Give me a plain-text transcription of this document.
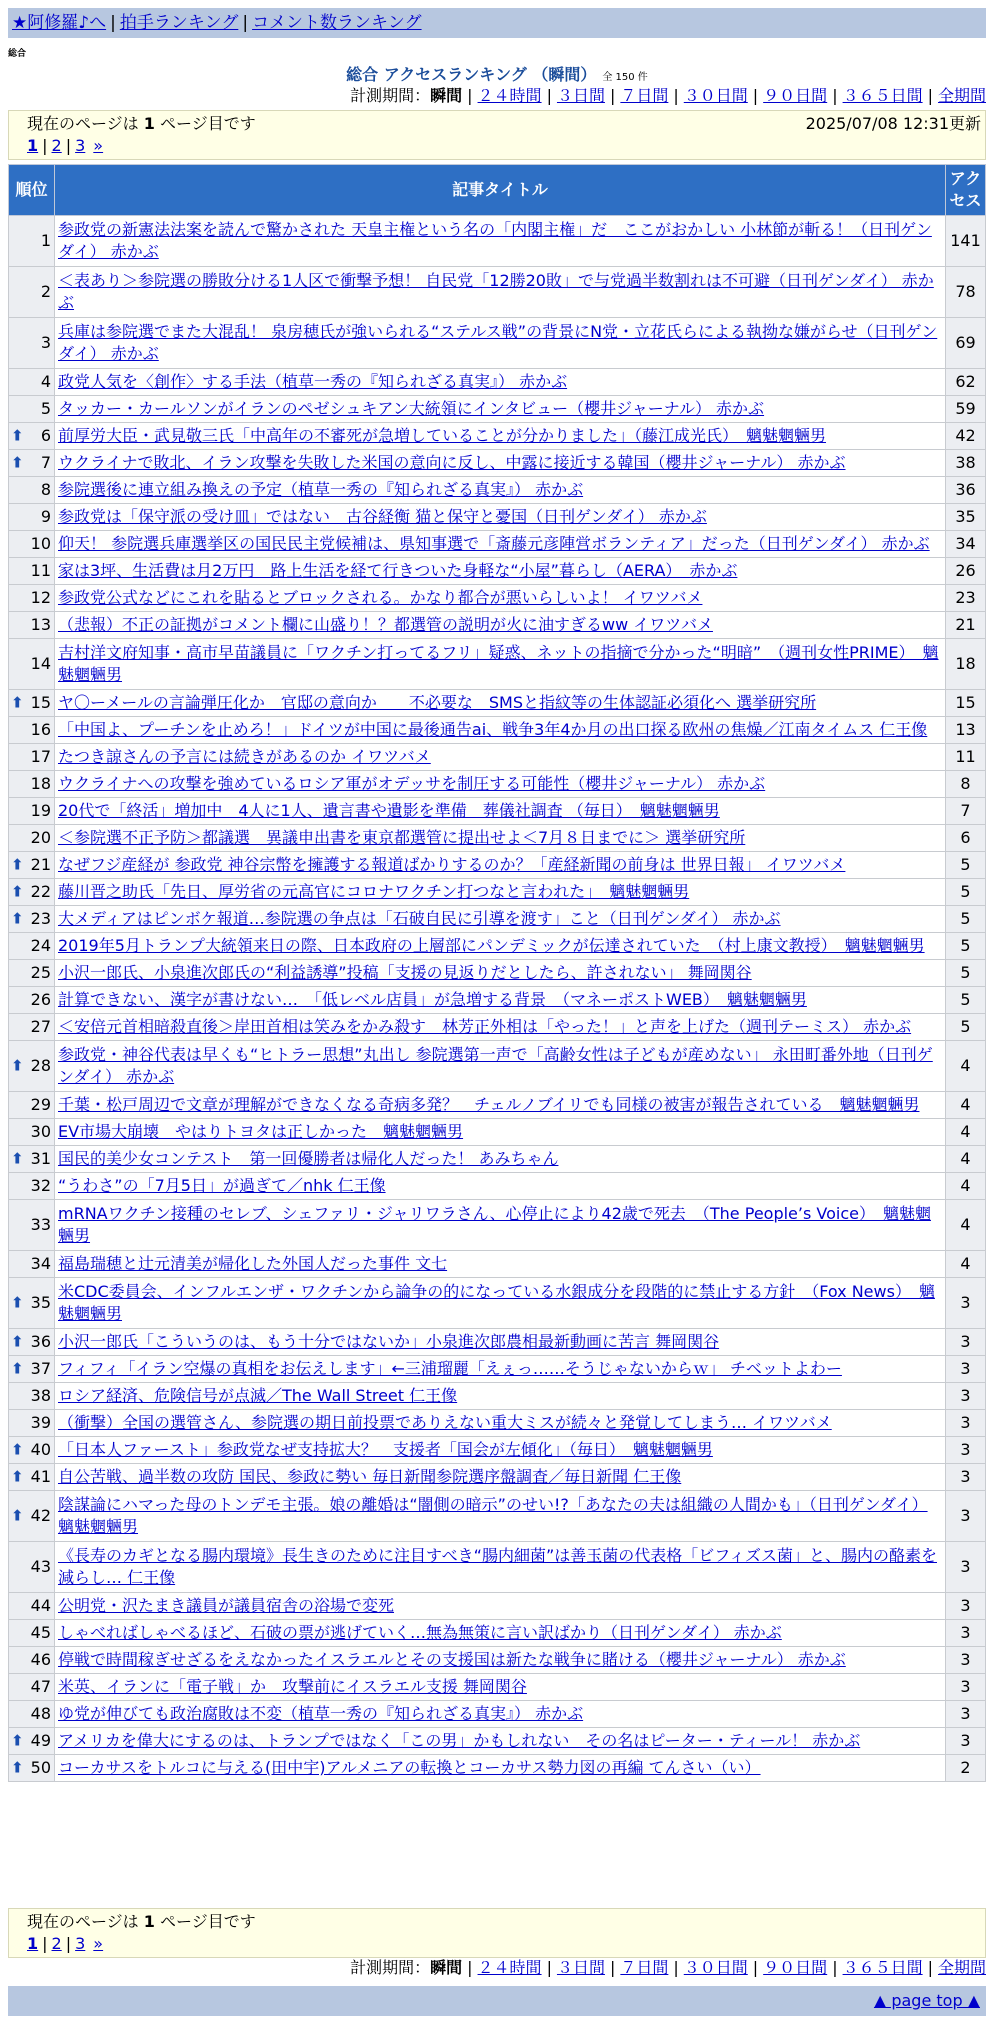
★阿修羅♪へ | 拍手ランキング | コメント数ランキング
総合
総合 アクセスランキング （瞬間） 全 150 件
計測期間：瞬間 | ２４時間 | ３日間 | ７日間 | ３０日間 | ９０日間 | ３６５日間 | 全期間
現在のページは 1 ページ目です	2025/07/08 12:31更新
1 | 2 | 3 »
順位	記事タイトル	アクセス
1	参政党の新憲法法案を読んで驚かされた 天皇主権という名の「内閣主権」だ　ここがおかしい 小林節が斬る！（日刊ゲンダイ） 赤かぶ	141
2	＜表あり＞参院選の勝敗分ける1人区で衝撃予想！ 自民党「12勝20敗」で与党過半数割れは不可避（日刊ゲンダイ） 赤かぶ	78
3	兵庫は参院選でまた大混乱！ 泉房穂氏が強いられる“ステルス戦”の背景にN党・立花氏らによる執拗な嫌がらせ（日刊ゲンダイ） 赤かぶ	69
4	政党人気を〈創作〉する手法（植草一秀の『知られざる真実』） 赤かぶ	62
5	タッカー・カールソンがイランのペゼシュキアン大統領にインタビュー（櫻井ジャーナル） 赤かぶ	59

⬆ 6	前厚労大臣・武見敬三氏「中高年の不審死が急増していることが分かりました」（藤江成光氏）　魑魅魍魎男	42

⬆ 7	ウクライナで敗北、イラン攻撃を失敗した米国の意向に反し、中露に接近する韓国（櫻井ジャーナル） 赤かぶ	38
8	参院選後に連立組み換えの予定（植草一秀の『知られざる真実』） 赤かぶ	36
9	参政党は「保守派の受け皿」ではない　古谷経衡 猫と保守と憂国（日刊ゲンダイ） 赤かぶ	35
10	仰天！ 参院選兵庫選挙区の国民民主党候補は、県知事選で「斎藤元彦陣営ボランティア」だった（日刊ゲンダイ） 赤かぶ	34
11	家は3坪、生活費は月2万円　路上生活を経て行きついた身軽な“小屋”暮らし（AERA）　赤かぶ	26
12	参政党公式などにこれを貼るとブロックされる。かなり都合が悪いらしいよ！ イワツバメ	23
13	（悲報）不正の証拠がコメント欄に山盛り！？都選管の説明が火に油すぎるww イワツバメ	21
14	吉村洋文府知事・高市早苗議員に「ワクチン打ってるフリ」疑惑、ネットの指摘で分かった“明暗”　（週刊女性PRIME）　魑魅魍魎男	18

⬆ 15	ヤ〇ーメールの言論弾圧化か　官邸の意向か　　不必要な　SMSと指紋等の生体認証必須化へ 選挙研究所	15
16	「中国よ、プーチンを止めろ！」ドイツが中国に最後通告ai、戦争3年4か月の出口探る欧州の焦燥／江南タイムス 仁王像	13
17	たつき諒さんの予言には続きがあるのか イワツバメ	11
18	ウクライナへの攻撃を強めているロシア軍がオデッサを制圧する可能性（櫻井ジャーナル） 赤かぶ	8
19	20代で「終活」増加中　4人に1人、遺言書や遺影を準備　葬儀社調査 （毎日）　魑魅魍魎男	7
20	＜参院選不正予防＞都議選　異議申出書を東京都選管に提出せよ＜7月８日までに＞ 選挙研究所	6

⬆ 21	なぜフジ産経が 参政党 神谷宗幣を擁護する報道ばかりするのか？「産経新聞の前身は 世界日報」 イワツバメ	5

⬆ 22	藤川晋之助氏「先日、厚労省の元高官にコロナワクチン打つなと言われた」　魑魅魍魎男	5

⬆ 23	大メディアはピンボケ報道…参院選の争点は「石破自民に引導を渡す」こと（日刊ゲンダイ） 赤かぶ	5
24	2019年5月トランプ大統領来日の際、日本政府の上層部にパンデミックが伝達されていた　（村上康文教授）　魑魅魍魎男	5
25	小沢一郎氏、小泉進次郎氏の“利益誘導”投稿「支援の見返りだとしたら、許されない」 舞岡関谷	5
26	計算できない、漢字が書けない…　「低レベル店員」が急増する背景　（マネーポストWEB）　魑魅魍魎男	5
27	＜安倍元首相暗殺直後＞岸田首相は笑みをかみ殺す　林芳正外相は「やった！」と声を上げた（週刊テーミス） 赤かぶ	5

⬆ 28	参政党・神谷代表は早くも“ヒトラー思想”丸出し 参院選第一声で「高齢女性は子どもが産めない」 永田町番外地（日刊ゲンダイ） 赤かぶ	4
29	千葉・松戸周辺で文章が理解ができなくなる奇病多発？　チェルノブイリでも同様の被害が報告されている　魑魅魍魎男	4
30	EV市場大崩壊　やはりトヨタは正しかった　魑魅魍魎男	4

⬆ 31	国民的美少女コンテスト　第一回優勝者は帰化人だった！ あみちゃん	4
32	“うわさ”の「7月5日」が過ぎて／nhk 仁王像	4
33	mRNAワクチン接種のセレブ、シェファリ・ジャリワラさん、心停止により42歳で死去　（The People’s Voice）　魑魅魍魎男	4
34	福島瑞穂と辻元清美が帰化した外国人だった事件 文七	4

⬆ 35	米CDC委員会、インフルエンザ・ワクチンから論争の的になっている水銀成分を段階的に禁止する方針　（Fox News）　魑魅魍魎男	3

⬆ 36	小沢一郎氏「こういうのは、もう十分ではないか」小泉進次郎農相最新動画に苦言 舞岡関谷	3

⬆ 37	フィフィ「イラン空爆の真相をお伝えします」←三浦瑠麗「えぇっ……そうじゃないからｗ」 チベットよわー	3
38	ロシア経済、危険信号が点滅／The Wall Street 仁王像	3
39	（衝撃）全国の選管さん、参院選の期日前投票でありえない重大ミスが続々と発覚してしまう… イワツバメ	3

⬆ 40	「日本人ファースト」参政党なぜ支持拡大？　支援者「国会が左傾化」（毎日）　魑魅魍魎男	3

⬆ 41	自公苦戦、過半数の攻防 国民、参政に勢い 毎日新聞参院選序盤調査／毎日新聞 仁王像	3

⬆ 42	陰謀論にハマった母のトンデモ主張。娘の離婚は“闇側の暗示”のせい!?「あなたの夫は組織の人間かも」（日刊ゲンダイ）魑魅魍魎男	3
43	《長寿のカギとなる腸内環境》長生きのために注目すべき“腸内細菌”は善玉菌の代表格「ビフィズス菌」と、腸内の酪素を減らし… 仁王像	3
44	公明党・沢たまき議員が議員宿舎の浴場で変死	3
45	しゃべればしゃべるほど、石破の票が逃げていく…無為無策に言い訳ばかり（日刊ゲンダイ） 赤かぶ	3
46	停戦で時間稼ぎせざるをえなかったイスラエルとその支援国は新たな戦争に賭ける（櫻井ジャーナル） 赤かぶ	3
47	米英、イランに「電子戦」か　攻撃前にイスラエル支援 舞岡関谷	3
48	ゆ党が伸びても政治腐敗は不変（植草一秀の『知られざる真実』） 赤かぶ	3

⬆ 49	アメリカを偉大にするのは、トランプではなく「この男」かもしれない　その名はピーター・ティール！ 赤かぶ	3

⬆ 50	コーカサスをトルコに与える(田中宇)アルメニアの転換とコーカサス勢力図の再編 てんさい（い）	2
現在のページは 1 ページ目です
1 | 2 | 3 »
計測期間：瞬間 | ２４時間 | ３日間 | ７日間 | ３０日間 | ９０日間 | ３６５日間 | 全期間
▲ page top ▲
